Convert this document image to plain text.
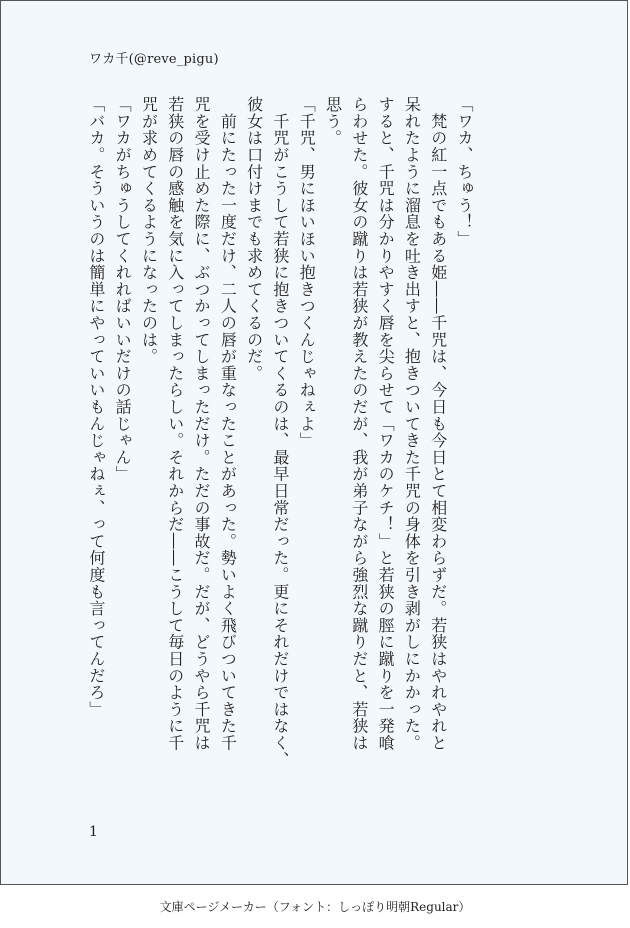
ワカ千(@reve_pigu)

「ワカ、ちゅう！」

　梵の紅一点でもある姫――千咒は、今日も今日とて相変わらずだ。若狭はやれやれと

呆れたように溜息を吐き出すと、抱きついてきた千咒の身体を引き剥がしにかかった。

すると、千咒は分かりやすく唇を尖らせて「ワカのケチ！」と若狭の脛に蹴りを一発喰

らわせた。彼女の蹴りは若狭が教えたのだが、我が弟子ながら強烈な蹴りだと、若狭は

思う。

「千咒、男にほいほい抱きつくんじゃねぇよ」

　千咒がこうして若狭に抱きついてくるのは、最早日常だった。更にそれだけではなく、

彼女は口付けまでも求めてくるのだ。

　前にたった一度だけ、二人の唇が重なったことがあった。勢いよく飛びついてきた千

咒を受け止めた際に、ぶつかってしまっただけ。ただの事故だ。だが、どうやら千咒は

若狭の唇の感触を気に入ってしまったらしい。それからだ――こうして毎日のように千

咒が求めてくるようになったのは。

「ワカがちゅうしてくれればいいだけの話じゃん」

「バカ。そういうのは簡単にやっていいもんじゃねぇ、って何度も言ってんだろ」

1
文庫ページメーカー（フォント：しっぽり明朝Regular）
